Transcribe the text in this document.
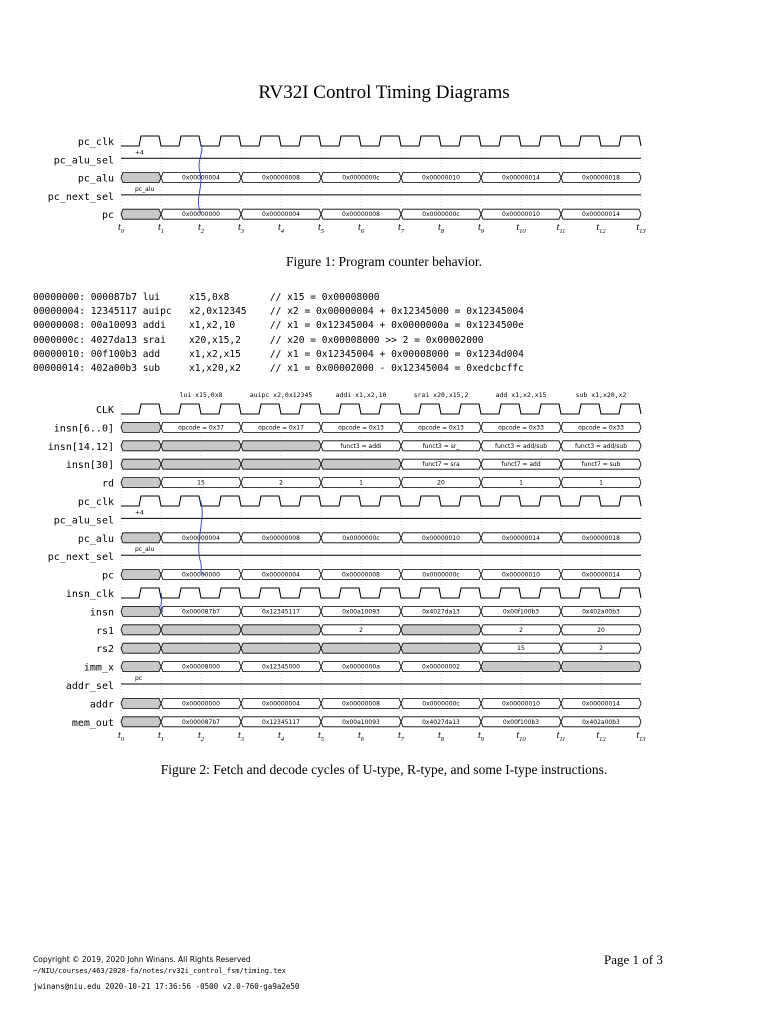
RV32I Control Timing Diagrams
$t_0$	$t_1$	$t_2$	$t_3$	$t_4$	$t_5$	$t_6$	$t_7$	$t_8$	$t_9$	$t_{10}$	$t_{11}$	$t_{12}$	$t_{13}$
pc_clk
pc_alu_sel
+4
pc_alu	0x00000004	0x00000008	0x0000000c	0x00000010	0x00000014	0x00000018
pc_next_sel
pc_alu
pc	0x00000000	0x00000004	0x00000008	0x0000000c	0x00000010	0x00000014
$t_0$	$t_1$	$t_2$	$t_3$	$t_4$	$t_5$	$t_6$	$t_7$	$t_8$	$t_9$	$t_{10}$	$t_{11}$	$t_{12}$	$t_{13}$
CLK
insn[6..0]	opcode = 0x37	opcode = 0x17	opcode = 0x13	opcode = 0x13	opcode = 0x33	opcode = 0x33
insn[14.12]	funct3 = addi	funct3 = sr_	funct3 = add/sub	funct3 = add/sub
insn[30]	funct7 = sra	funct7 = add	funct7 = sub
rd	15	2	1	20	1	1
pc_clk
pc_alu_sel
+4
pc_alu	0x00000004	0x00000008	0x0000000c	0x00000010	0x00000014	0x00000018
pc_next_sel
pc_alu
pc	0x00000000	0x00000004	0x00000008	0x0000000c	0x00000010	0x00000014
insn_clk
insn	0x000087b7	0x12345117	0x00a10093	0x4027da13	0x00f100b3	0x402a00b3
rs1	2	2	20
rs2	15	2
imm_x	0x00008000	0x12345000	0x0000000a	0x00000002
addr_sel
pc
addr	0x00000000	0x00000004	0x00000008	0x0000000c	0x00000010	0x00000014
mem_out	0x000087b7	0x12345117	0x00a10093	0x4027da13	0x00f100b3	0x402a00b3
lui x15,0x8	auipc x2,0x12345	addi x1,x2,10	srai x20,x15,2	add x1,x2,x15	sub x1,x20,x2
Figure 1: Program counter behavior.
00000000: 000087b7 lui     x15,0x8       // x15 = 0x00008000
00000004: 12345117 auipc   x2,0x12345    // x2 = 0x00000004 + 0x12345000 = 0x12345004
00000008: 00a10093 addi    x1,x2,10      // x1 = 0x12345004 + 0x0000000a = 0x1234500e
0000000c: 4027da13 srai    x20,x15,2     // x20 = 0x00008000 >> 2 = 0x00002000
00000010: 00f100b3 add     x1,x2,x15     // x1 = 0x12345004 + 0x00008000 = 0x1234d004
00000014: 402a00b3 sub     x1,x20,x2     // x1 = 0x00002000 - 0x12345004 = 0xedcbcffc
Figure 2: Fetch and decode cycles of U-type, R-type, and some I-type instructions.
Copyright © 2019, 2020 John Winans. All Rights Reserved
~/NIU/courses/463/2020-fa/notes/rv32i_control_fsm/timing.tex
jwinans@niu.edu 2020-10-21 17:36:56 -0500 v2.0-760-ga9a2e50
Page 1 of 3
